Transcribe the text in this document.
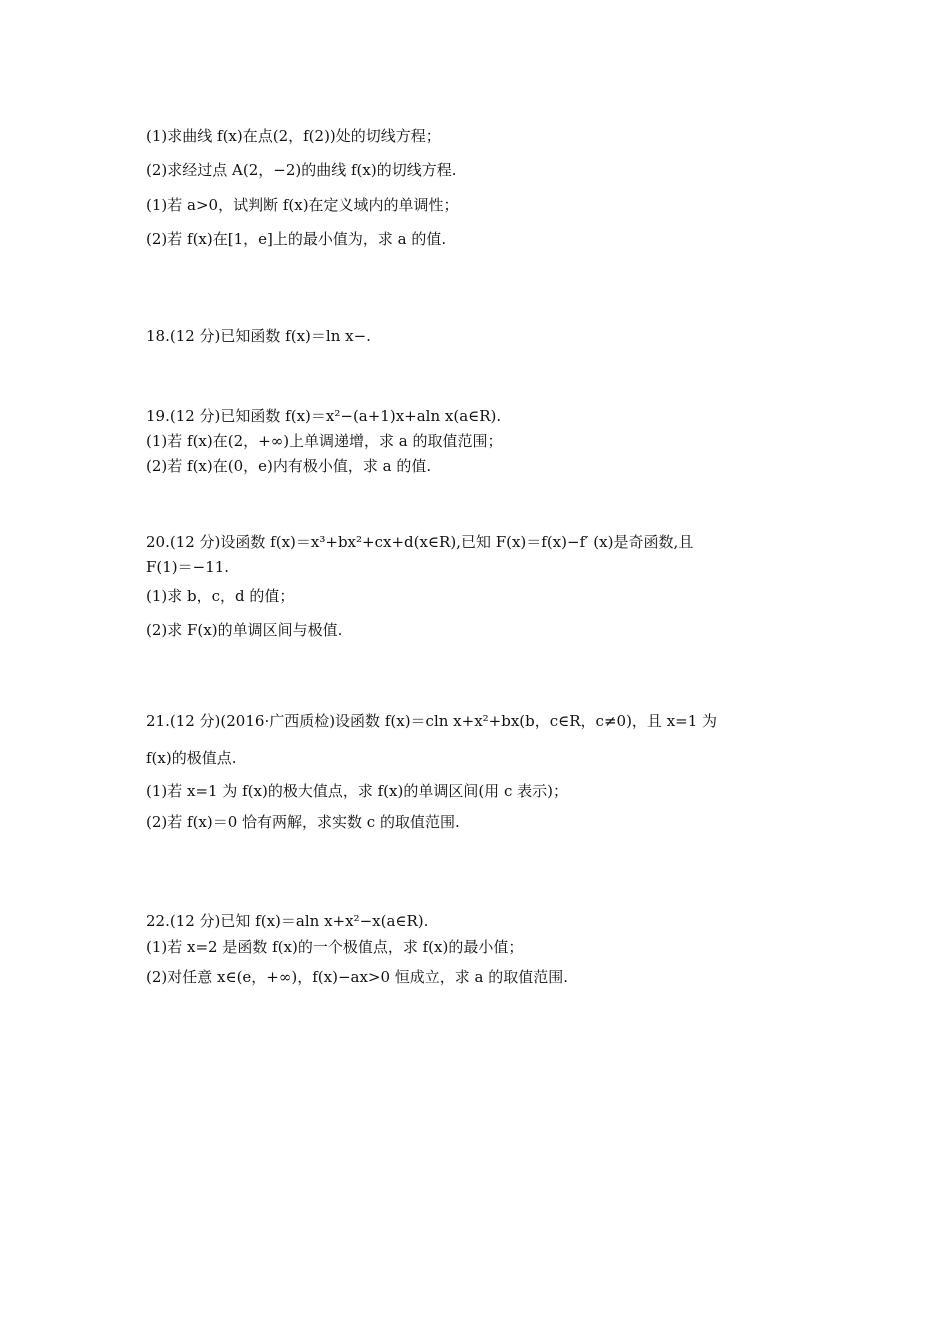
(1)求曲线 f(x)在点(2，f(2))处的切线方程；
(2)求经过点 A(2，−2)的曲线 f(x)的切线方程.
(1)若 a>0，试判断 f(x)在定义域内的单调性；
(2)若 f(x)在[1，e]上的最小值为，求 a 的值.
18.(12 分)已知函数 f(x)＝ln x−.
19.(12 分)已知函数 f(x)＝x²−(a+1)x+aln x(a∈R).
(1)若 f(x)在(2，+∞)上单调递增，求 a 的取值范围；
(2)若 f(x)在(0，e)内有极小值，求 a 的值.
20.(12 分)设函数 f(x)＝x³+bx²+cx+d(x∈R),已知 F(x)＝f(x)−f′ (x)是奇函数,且
F(1)＝−11.
(1)求 b，c，d 的值；
(2)求 F(x)的单调区间与极值.
21.(12 分)(2016·广西质检)设函数 f(x)＝cln x+x²+bx(b，c∈R，c≠0)，且 x=1 为
f(x)的极值点.
(1)若 x=1 为 f(x)的极大值点，求 f(x)的单调区间(用 c 表示)；
(2)若 f(x)＝0 恰有两解，求实数 c 的取值范围.
22.(12 分)已知 f(x)＝aln x+x²−x(a∈R).
(1)若 x=2 是函数 f(x)的一个极值点，求 f(x)的最小值；
(2)对任意 x∈(e，+∞)，f(x)−ax>0 恒成立，求 a 的取值范围.
